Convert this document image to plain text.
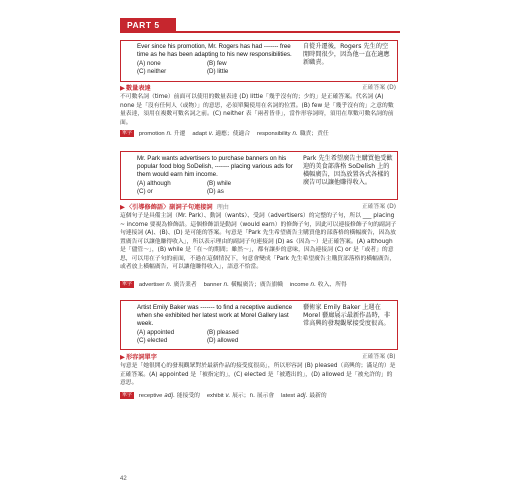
PART 5
Ever since his promotion, Mr. Rogers has had ------- free time as he has been adapting to his new responsibilities.
(A) none	(B) few
(C) neither	(D) little
自從升遷後，Rogers 先生的空閒時間很少，因為他一直在適應新職責。
▶數量表達	正確答案 (D)
不可數名詞（time）前面可以使用的數量表達 (D) little「幾乎沒有的；少的」是正確答案。代名詞 (A) none 是「沒有任何人（或物）」的意思，必須單獨使用在名詞的位置。(B) few 是「幾乎沒有的」之意的數量表達，須用在複數可數名詞之前。(C) neither 表「兩者皆非」，當作形容詞時，須用在單數可數名詞的前面。
單字 promotion n. 升遷 adapt v. 適應；使適合 responsibility n. 職責；責任
Mr. Park wants advertisers to purchase banners on his popular food blog SoDelish, ------- placing various ads for them would earn him income.
(A) although	(B) while
(C) or	(D) as
Park 先生希望廣告主購買他受歡迎的美食部落格 SoDelish 上的橫幅廣告，因為放置各式各樣的廣告可以讓他賺得收入。
▶〈引導修飾語〉副詞子句連接詞 理由	正確答案 (D)
這個句子是具備主詞（Mr. Park）、動詞（wants）、受詞（advertisers）的完整的子句，所以 ___ placing ~ income 要視為修飾語。這個修飾語是動詞（would earn）的修飾子句，因此可以連接修飾子句的副詞子句連接詞 (A)、(B)、(D) 是可能的答案。句意是「Park 先生希望廣告主購買他的部落格的橫幅廣告，因為放置廣告可以讓他賺得收入」，所以表示理由的副詞子句連接詞 (D) as（因為～）是正確答案。(A) although 是「儘管～」，(B) while 是「在～的期間；雖然～」，都有讓步的意味，因為連接詞 (C) or 是「或者」的意思，可以用在子句的前面，不過在這個情況下，句意會變成「Park 先生希望廣告主購買部落格的橫幅廣告，或者放上橫幅廣告，可以讓他賺得收入」，語意不恰當。
單字 advertiser n. 廣告業者 banner n. 橫幅廣告；廣告旗幟 income n. 收入、所得
Artist Emily Baker was ------- to find a receptive audience when she exhibited her latest work at Morel Gallery last week.
(A) appointed	(B) pleased
(C) elected	(D) allowed
藝術家 Emily Baker 上週在 Morel 藝廊展示最新作品時，非常高興的發現觀眾接受度很高。
▶形容詞單字	正確答案 (B)
句意是「她很開心的發現觀眾對於最新作品的接受度很高」，所以形容詞 (B) pleased（高興的；滿足的）是正確答案。(A) appointed 是「被指定的」，(C) elected 是「被選出的」，(D) allowed 是「被允許的」的意思。
單字 receptive adj. 能接受的 exhibit v. 展示；n. 展示會 latest adj. 最新的
42
